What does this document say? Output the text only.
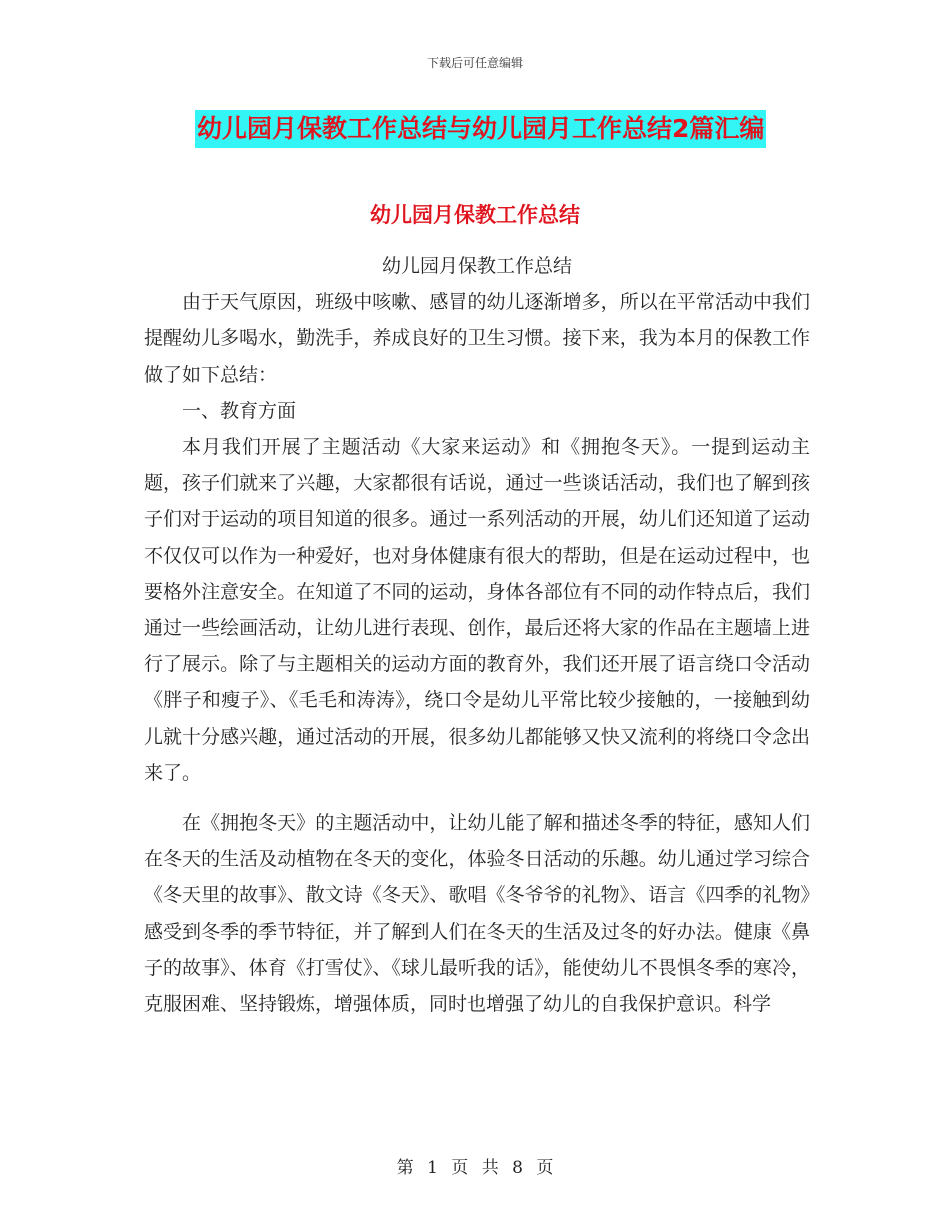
下载后可任意编辑
幼儿园月保教工作总结与幼儿园月工作总结2篇汇编
幼儿园月保教工作总结

幼儿园月保教工作总结

由于天气原因，班级中咳嗽、感冒的幼儿逐渐增多，所以在平常活动中我们提醒幼儿多喝水，勤洗手，养成良好的卫生习惯。接下来，我为本月的保教工作做了如下总结：

一、教育方面

本月我们开展了主题活动《大家来运动》和《拥抱冬天》。一提到运动主题，孩子们就来了兴趣，大家都很有话说，通过一些谈话活动，我们也了解到孩子们对于运动的项目知道的很多。通过一系列活动的开展，幼儿们还知道了运动不仅仅可以作为一种爱好，也对身体健康有很大的帮助，但是在运动过程中，也要格外注意安全。在知道了不同的运动，身体各部位有不同的动作特点后，我们通过一些绘画活动，让幼儿进行表现、创作，最后还将大家的作品在主题墙上进行了展示。除了与主题相关的运动方面的教育外，我们还开展了语言绕口令活动《胖子和瘦子》、《毛毛和涛涛》，绕口令是幼儿平常比较少接触的，一接触到幼儿就十分感兴趣，通过活动的开展，很多幼儿都能够又快又流利的将绕口令念出来了。

在《拥抱冬天》的主题活动中，让幼儿能了解和描述冬季的特征，感知人们在冬天的生活及动植物在冬天的变化，体验冬日活动的乐趣。幼儿通过学习综合《冬天里的故事》、散文诗《冬天》、歌唱《冬爷爷的礼物》、语言《四季的礼物》感受到冬季的季节特征，并了解到人们在冬天的生活及过冬的好办法。健康《鼻子的故事》、体育《打雪仗》、《球儿最听我的话》，能使幼儿不畏惧冬季的寒冷，克服困难、坚持锻炼，增强体质，同时也增强了幼儿的自我保护意识。科学

第 1 页 共 8 页
